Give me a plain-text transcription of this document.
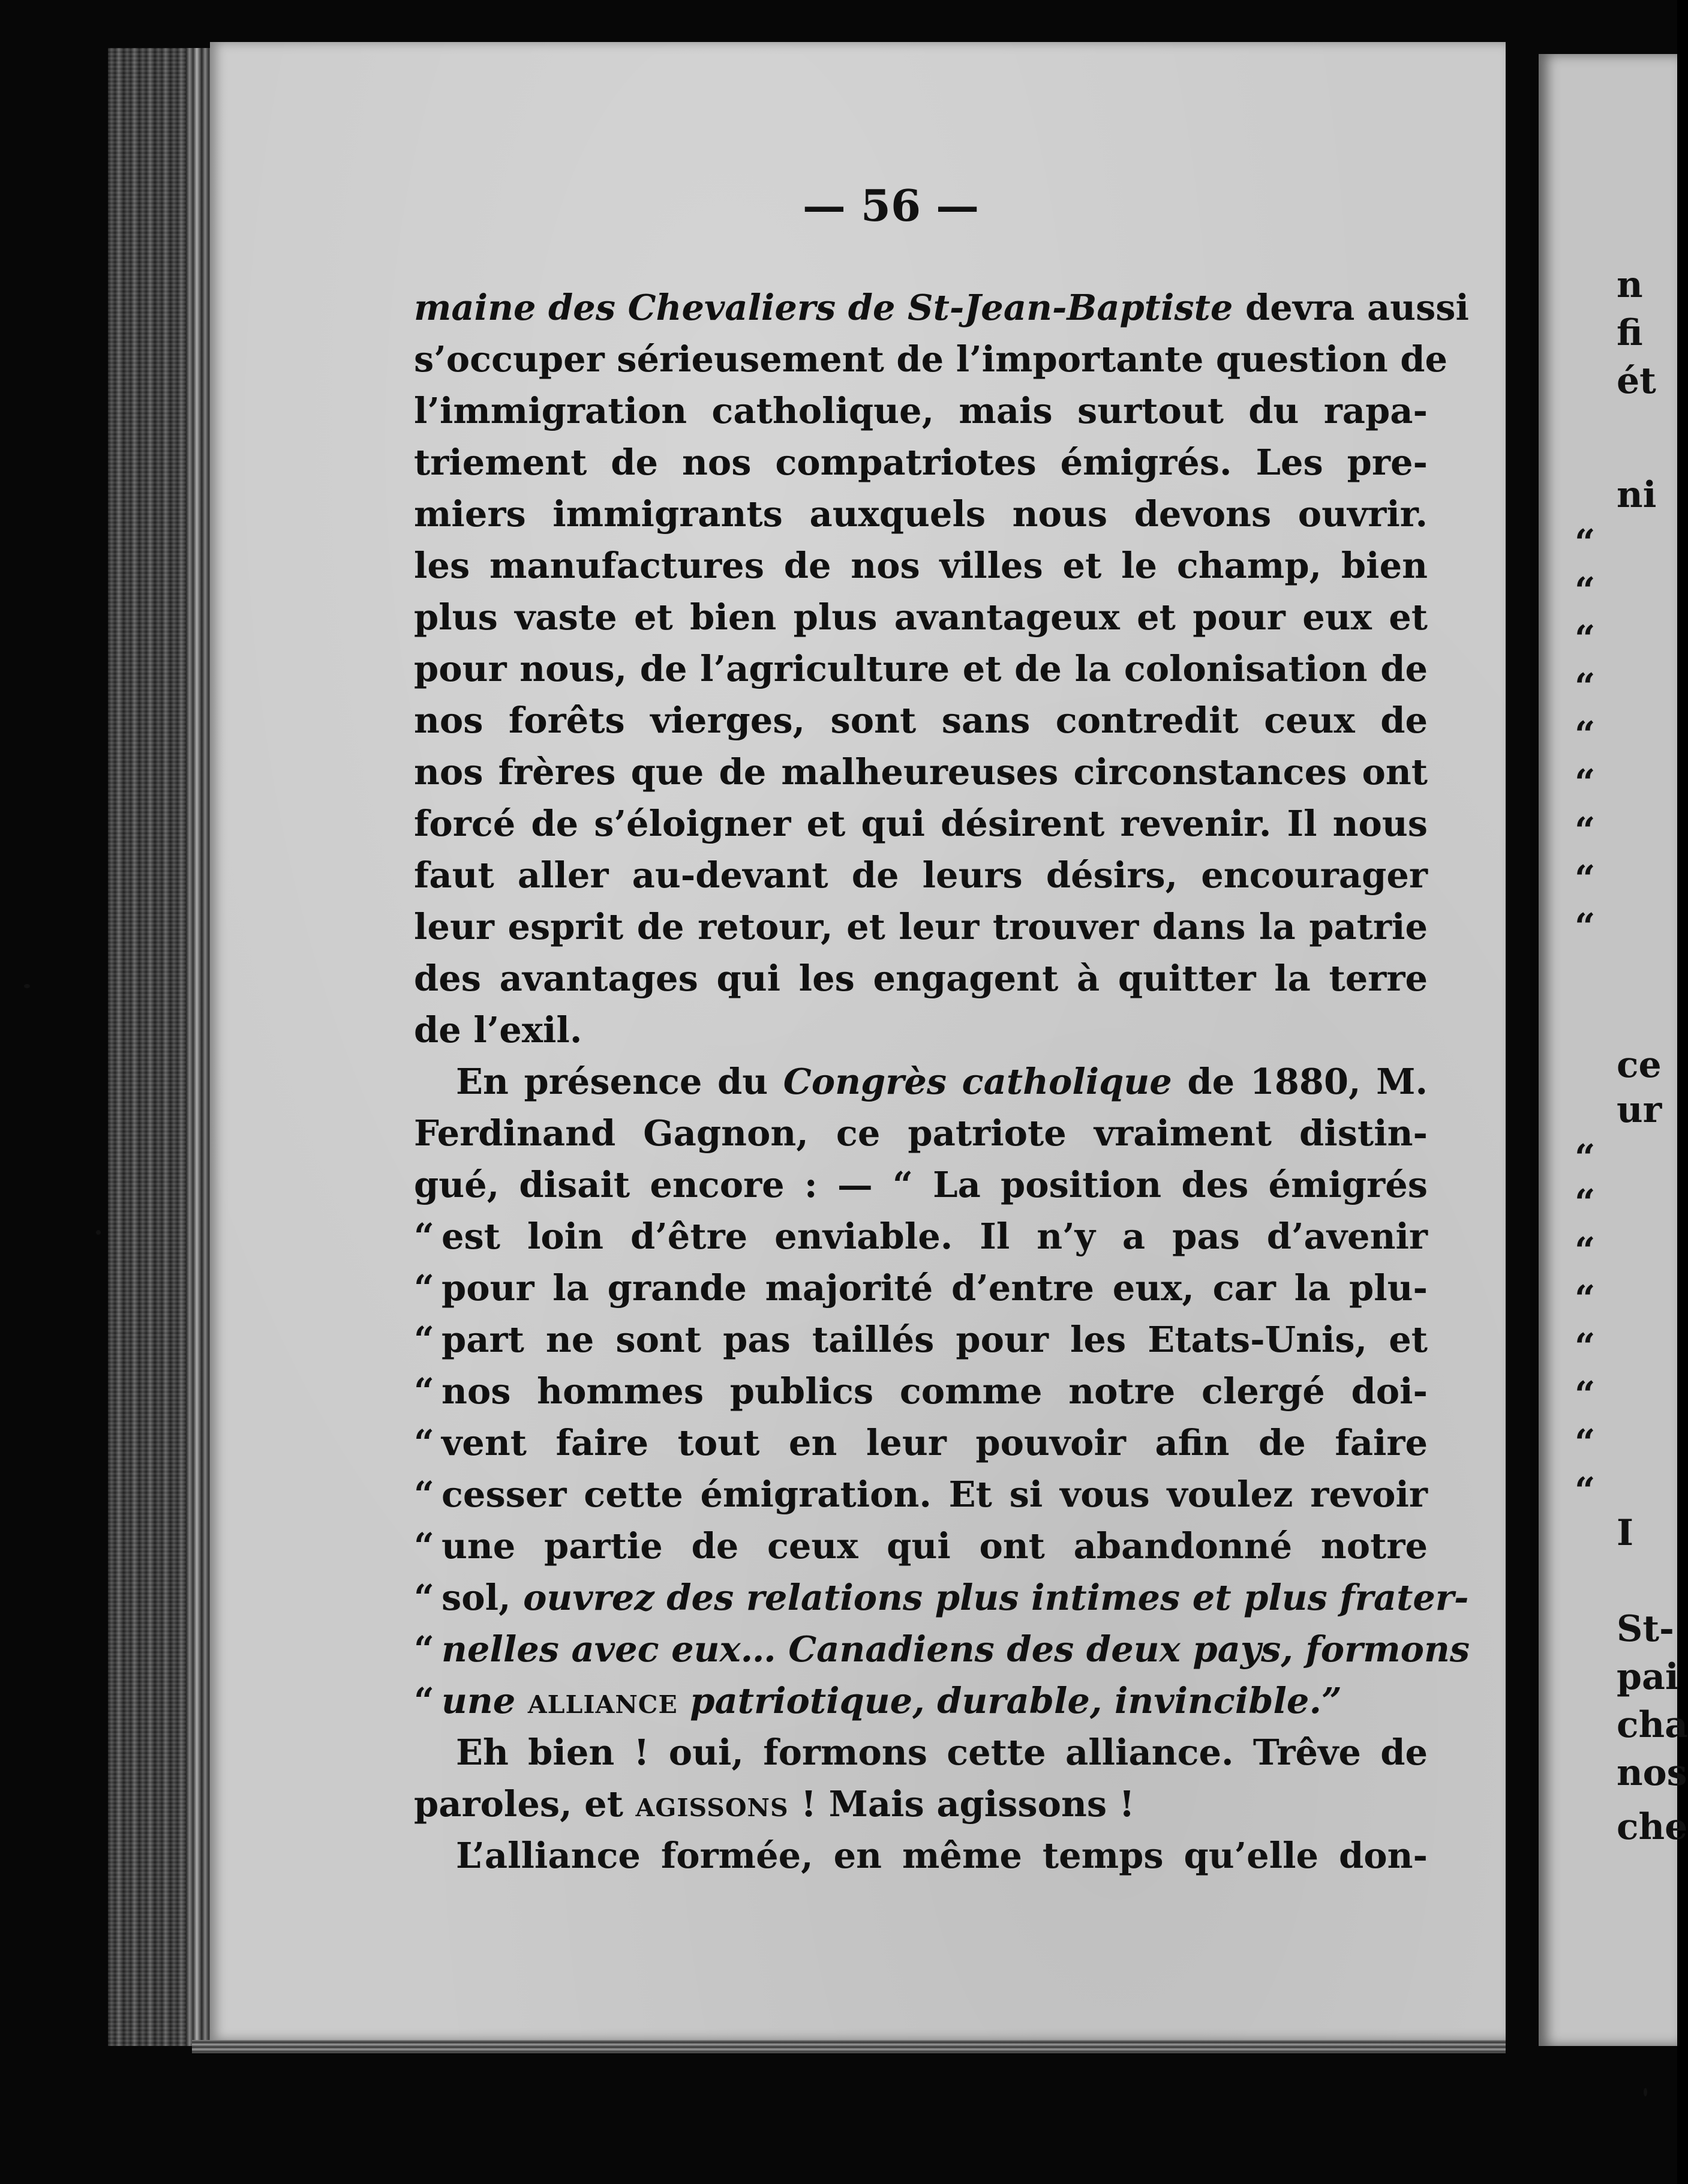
— 56 —
maine des Chevaliers de St-Jean-Baptiste devra aussi
s’occuper sérieusement de l’importante question de
l’immigration catholique, mais surtout du rapa-
triement de nos compatriotes émigrés. Les pre-
miers immigrants auxquels nous devons ouvrir.
les manufactures de nos villes et le champ, bien
plus vaste et bien plus avantageux et pour eux et
pour nous, de l’agriculture et de la colonisation de
nos forêts vierges, sont sans contredit ceux de
nos frères que de malheureuses circonstances ont
forcé de s’éloigner et qui désirent revenir. Il nous
faut aller au-devant de leurs désirs, encourager
leur esprit de retour, et leur trouver dans la patrie
des avantages qui les engagent à quitter la terre
de l’exil.
En présence du Congrès catholique de 1880, M.
Ferdinand Gagnon, ce patriote vraiment distin-
gué, disait encore : — “ La position des émigrés
“ est loin d’être enviable. Il n’y a pas d’avenir
“ pour la grande majorité d’entre eux, car la plu-
“ part ne sont pas taillés pour les Etats-Unis, et
“ nos hommes publics comme notre clergé doi-
“ vent faire tout en leur pouvoir afin de faire
“ cesser cette émigration. Et si vous voulez revoir
“ une partie de ceux qui ont abandonné notre
“ sol, ouvrez des relations plus intimes et plus frater-
“ nelles avec eux… Canadiens des deux pays, formons
“ une alliance patriotique, durable, invincible.”
Eh bien ! oui, formons cette alliance. Trêve de
paroles, et agissons ! Mais agissons !
L’alliance formée, en même temps qu’elle don-
n
fi
ét
ni
“
“
“
“
“
“
“
“
“
ce
ur
“
“
“
“
“
“
“
“
I
St-
pai
cha
nos
che
